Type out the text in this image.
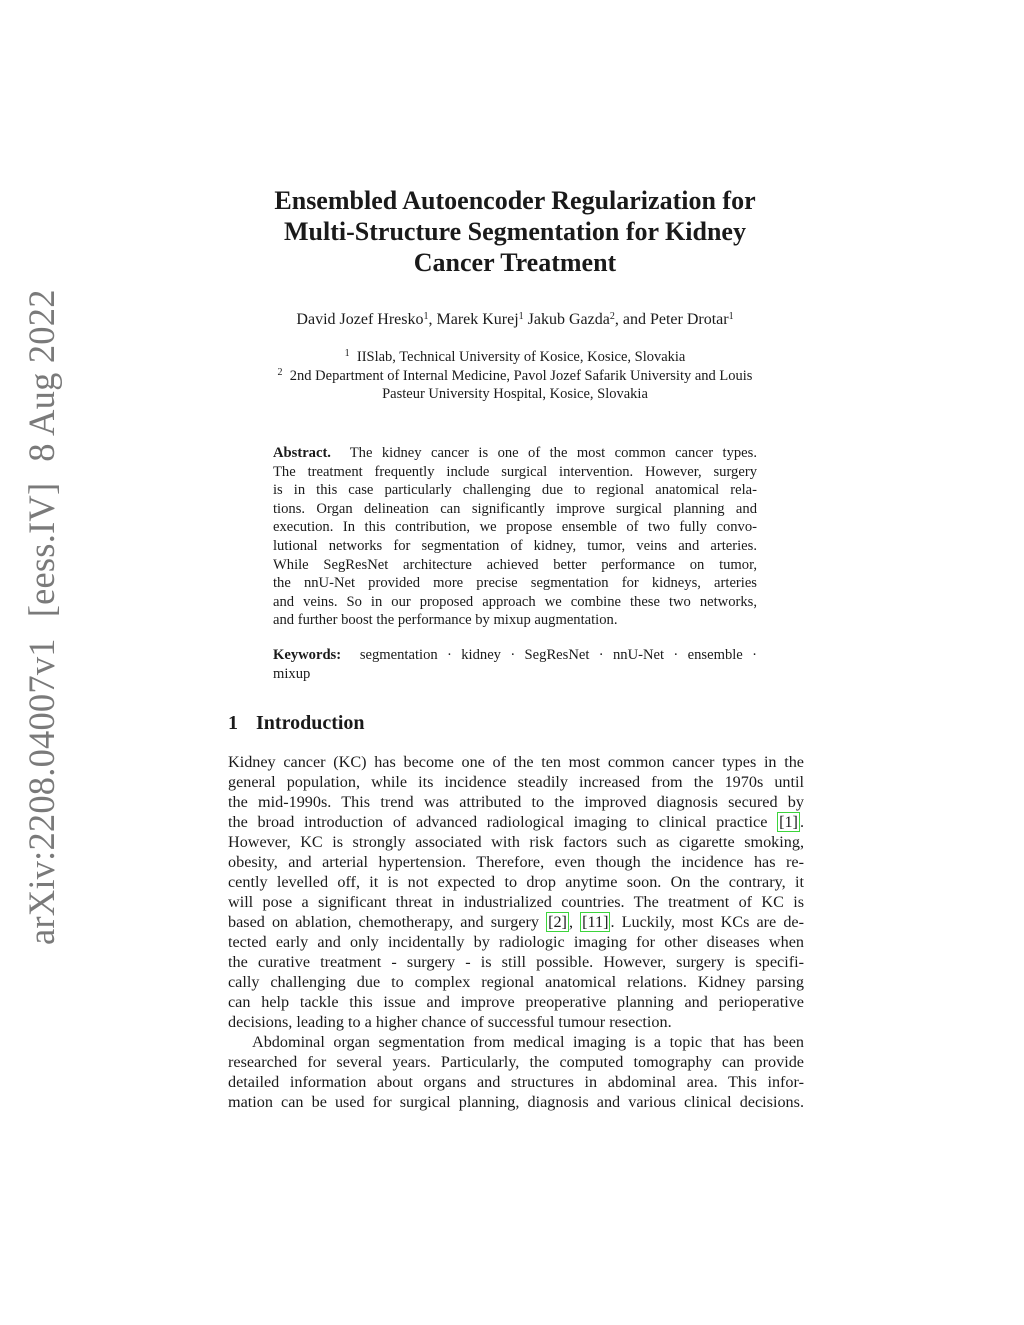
arXiv:2208.04007v1[eess.IV]8 Aug 2022
Ensembled Autoencoder Regularization for
Multi-Structure Segmentation for Kidney
Cancer Treatment
David Jozef Hresko$^1$, Marek Kurej$^1$ Jakub Gazda$^2$, and Peter Drotar$^1$
$^1$ IISlab, Technical University of Kosice, Kosice, Slovakia
$^2$ 2nd Department of Internal Medicine, Pavol Jozef Safarik University and Louis
Pasteur University Hospital, Kosice, Slovakia
Abstract. The kidney cancer is one of the most common cancer types.
The treatment frequently include surgical intervention. However, surgery
is in this case particularly challenging due to regional anatomical rela-
tions. Organ delineation can significantly improve surgical planning and
execution. In this contribution, we propose ensemble of two fully convo-
lutional networks for segmentation of kidney, tumor, veins and arteries.
While SegResNet architecture achieved better performance on tumor,
the nnU-Net provided more precise segmentation for kidneys, arteries
and veins. So in our proposed approach we combine these two networks,
and further boost the performance by mixup augmentation.
Keywords: segmentation · kidney · SegResNet · nnU-Net · ensemble ·
mixup
1 Introduction
Kidney cancer (KC) has become one of the ten most common cancer types in the
general population, while its incidence steadily increased from the 1970s until
the mid-1990s. This trend was attributed to the improved diagnosis secured by
the broad introduction of advanced radiological imaging to clinical practice [1] .
However, KC is strongly associated with risk factors such as cigarette smoking,
obesity, and arterial hypertension. Therefore, even though the incidence has re-
cently levelled off, it is not expected to drop anytime soon. On the contrary, it
will pose a significant threat in industrialized countries. The treatment of KC is
based on ablation, chemotherapy, and surgery [2] , [11] . Luckily, most KCs are de-
tected early and only incidentally by radiologic imaging for other diseases when
the curative treatment - surgery - is still possible. However, surgery is specifi-
cally challenging due to complex regional anatomical relations. Kidney parsing
can help tackle this issue and improve preoperative planning and perioperative
decisions, leading to a higher chance of successful tumour resection.
Abdominal organ segmentation from medical imaging is a topic that has been
researched for several years. Particularly, the computed tomography can provide
detailed information about organs and structures in abdominal area. This infor-
mation can be used for surgical planning, diagnosis and various clinical decisions.
